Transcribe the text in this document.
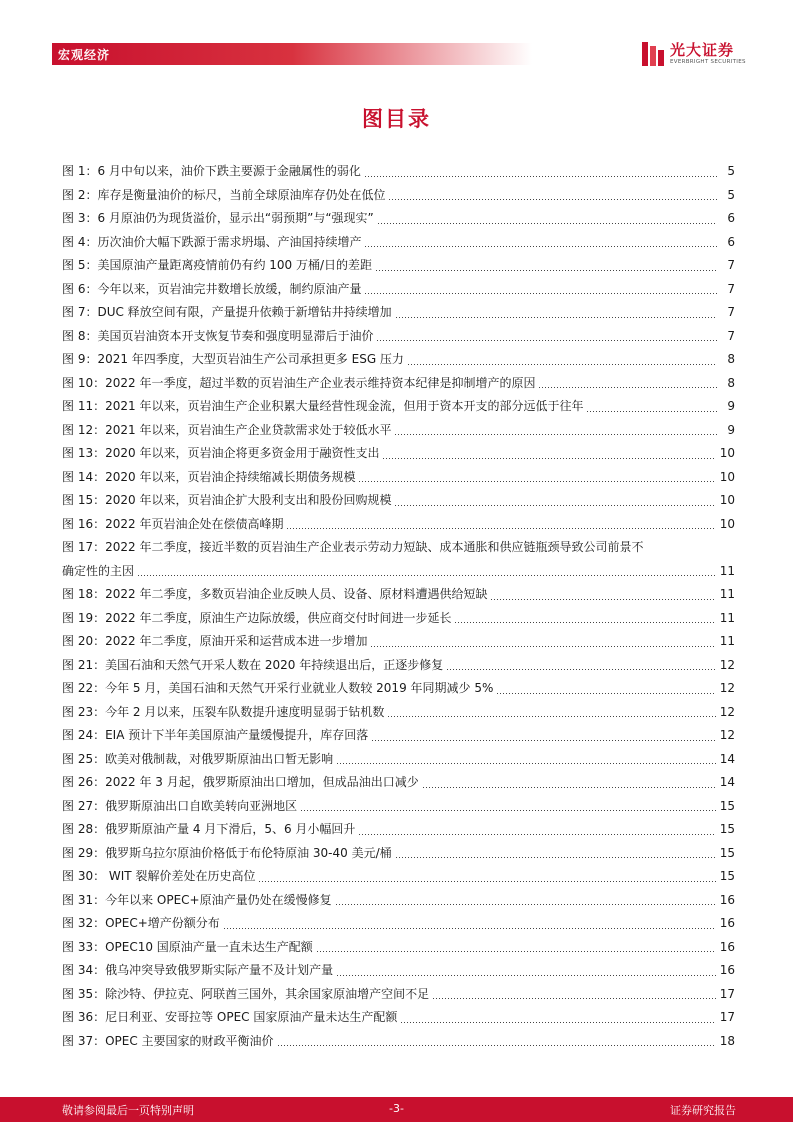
宏观经济	光大证券
EVERBRIGHT SECURITIES
图目录
图 1：6 月中旬以来，油价下跌主要源于金融属性的弱化	5
图 2：库存是衡量油价的标尺，当前全球原油库存仍处在低位	5
图 3：6 月原油仍为现货溢价，显示出“弱预期”与“强现实”	6
图 4：历次油价大幅下跌源于需求坍塌、产油国持续增产	6
图 5：美国原油产量距离疫情前仍有约 100 万桶/日的差距	7
图 6：今年以来，页岩油完井数增长放缓，制约原油产量	7
图 7：DUC 释放空间有限，产量提升依赖于新增钻井持续增加	7
图 8：美国页岩油资本开支恢复节奏和强度明显滞后于油价	7
图 9：2021 年四季度，大型页岩油生产公司承担更多 ESG 压力	8
图 10：2022 年一季度，超过半数的页岩油生产企业表示维持资本纪律是抑制增产的原因	8
图 11：2021 年以来，页岩油生产企业积累大量经营性现金流，但用于资本开支的部分远低于往年	9
图 12：2021 年以来，页岩油生产企业贷款需求处于较低水平	9
图 13：2020 年以来，页岩油企将更多资金用于融资性支出	10
图 14：2020 年以来，页岩油企持续缩减长期债务规模	10
图 15：2020 年以来，页岩油企扩大股利支出和股份回购规模	10
图 16：2022 年页岩油企处在偿债高峰期	10
图 17：2022 年二季度，接近半数的页岩油生产企业表示劳动力短缺、成本通胀和供应链瓶颈导致公司前景不
确定性的主因	11
图 18：2022 年二季度，多数页岩油企业反映人员、设备、原材料遭遇供给短缺	11
图 19：2022 年二季度，原油生产边际放缓，供应商交付时间进一步延长	11
图 20：2022 年二季度，原油开采和运营成本进一步增加	11
图 21：美国石油和天然气开采人数在 2020 年持续退出后，正逐步修复	12
图 22：今年 5 月，美国石油和天然气开采行业就业人数较 2019 年同期减少 5%	12
图 23：今年 2 月以来，压裂车队数提升速度明显弱于钻机数	12
图 24：EIA 预计下半年美国原油产量缓慢提升，库存回落	12
图 25：欧美对俄制裁，对俄罗斯原油出口暂无影响	14
图 26：2022 年 3 月起，俄罗斯原油出口增加，但成品油出口减少	14
图 27：俄罗斯原油出口自欧美转向亚洲地区	15
图 28：俄罗斯原油产量 4 月下滑后，5、6 月小幅回升	15
图 29：俄罗斯乌拉尔原油价格低于布伦特原油 30-40 美元/桶	15
图 30： WIT 裂解价差处在历史高位	15
图 31：今年以来 OPEC+原油产量仍处在缓慢修复	16
图 32：OPEC+增产份额分布	16
图 33：OPEC10 国原油产量一直未达生产配额	16
图 34：俄乌冲突导致俄罗斯实际产量不及计划产量	16
图 35：除沙特、伊拉克、阿联酋三国外，其余国家原油增产空间不足	17
图 36：尼日利亚、安哥拉等 OPEC 国家原油产量未达生产配额	17
图 37：OPEC 主要国家的财政平衡油价	18
敬请参阅最后一页特别声明	-3-	证券研究报告
